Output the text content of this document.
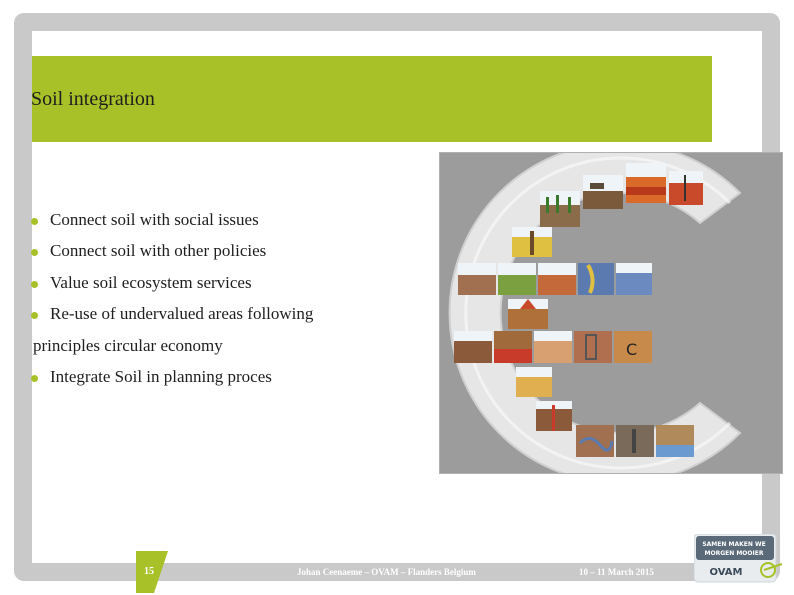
Soil integration
Connect soil with social issues
Connect soil with other policies
Value soil ecosystem services
Re-use of undervalued areas following
principles circular economy
Integrate Soil in planning proces
C
15	Johan Ceenaeme – OVAM – Flanders Belgium	10 – 11 March 2015
SAMEN MAKEN WE
MORGEN MOOIER
OVAM
